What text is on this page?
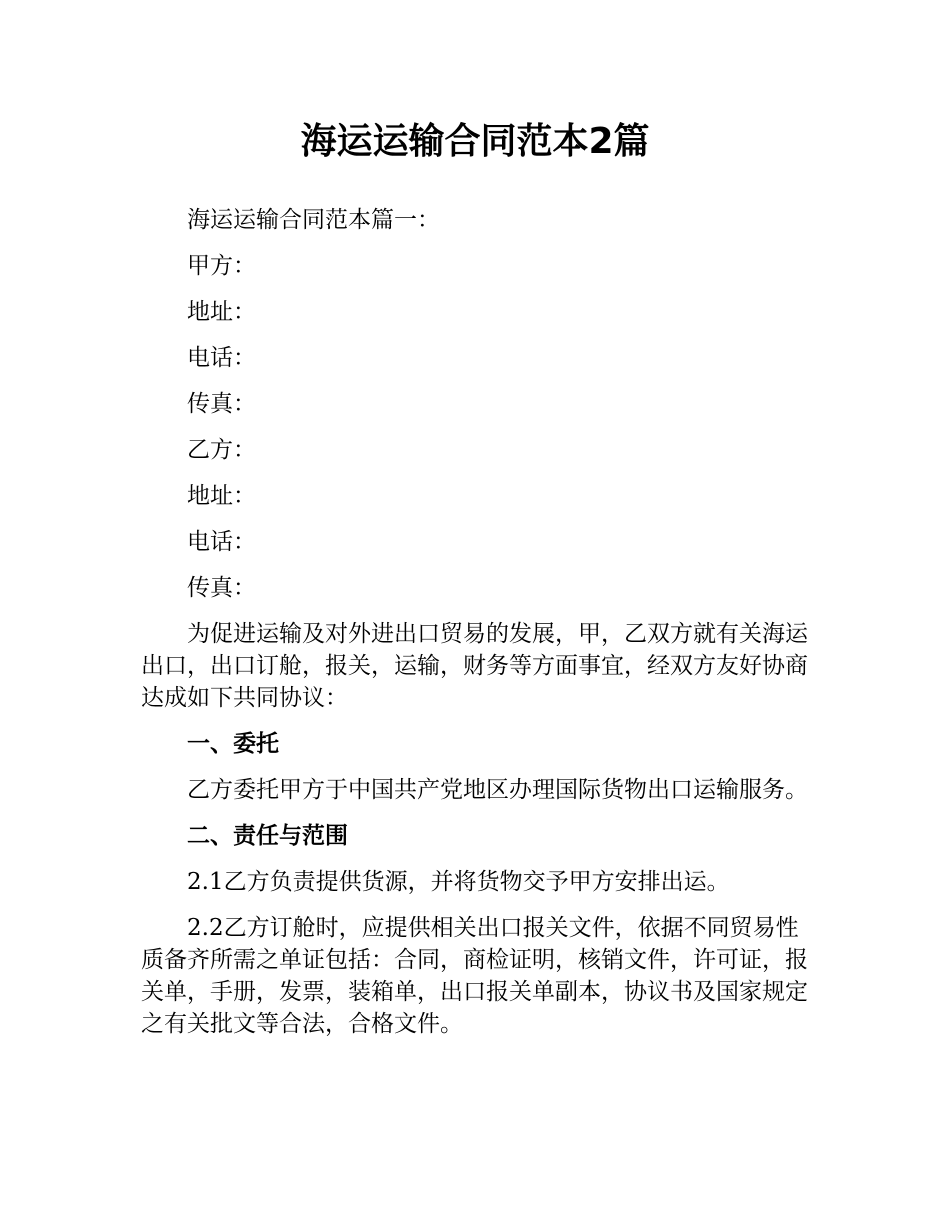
海运运输合同范本2篇

海运运输合同范本篇一：

甲方：

地址：

电话：

传真：

乙方：

地址：

电话：

传真：

为促进运输及对外进出口贸易的发展，甲，乙双方就有关海运出口，出口订舱，报关，运输，财务等方面事宜，经双方友好协商达成如下共同协议：

一、委托

乙方委托甲方于中国共产党地区办理国际货物出口运输服务。

二、责任与范围

2.1乙方负责提供货源，并将货物交予甲方安排出运。

2.2乙方订舱时，应提供相关出口报关文件，依据不同贸易性质备齐所需之单证包括：合同，商检证明，核销文件，许可证，报关单，手册，发票，装箱单，出口报关单副本，协议书及国家规定之有关批文等合法，合格文件。
